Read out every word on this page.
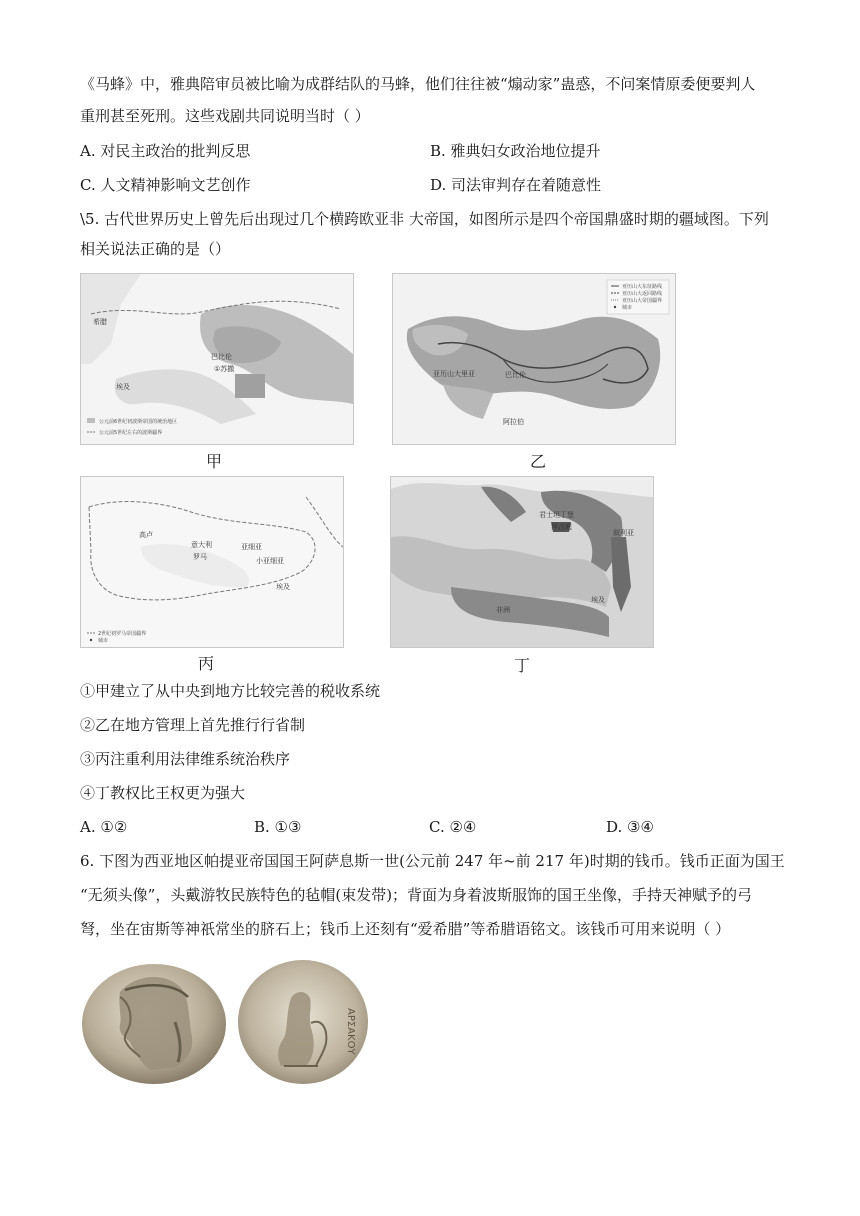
《马蜂》中，雅典陪审员被比喻为成群结队的马蜂，他们往往被“煽动家”蛊惑，不问案情原委便要判人
重刑甚至死刑。这些戏剧共同说明当时（ ）
A. 对民主政治的批判反思	B. 雅典妇女政治地位提升
C. 人文精神影响文艺创作	D. 司法审判存在着随意性
\5. 古代世界历史上曾先后出现过几个横跨欧亚非 大帝国，如图所示是四个帝国鼎盛时期的疆域图。下列
相关说法正确的是（）
巴比伦
①苏撒
埃及
希腊
公元前6世纪初波斯帝国的统治地区
公元前5世纪左右的波斯疆界
甲
亚历山大东征路线
亚历山大返回路线
亚历山大帝国疆界
城市
巴比伦
亚历山大里亚
阿拉伯
乙
高卢
意大利
罗马
亚细亚
小亚细亚
埃及
2世纪初罗马帝国疆界
城市
丙
君士坦丁堡
拜占庭
叙利亚
埃及
非洲
丁
①甲建立了从中央到地方比较完善的税收系统
②乙在地方管理上首先推行行省制
③丙注重利用法律维系统治秩序
④丁教权比王权更为强大
A. ①②	B. ①③	C. ②④	D. ③④
6. 下图为西亚地区帕提亚帝国国王阿萨息斯一世(公元前 247 年~前 217 年)时期的钱币。钱币正面为国王
“无须头像”，头戴游牧民族特色的毡帽(束发带)；背面为身着波斯服饰的国王坐像，手持天神赋予的弓
弩，坐在宙斯等神祇常坐的脐石上；钱币上还刻有“爱希腊”等希腊语铭文。该钱币可用来说明（ ）
ΑΡΣΑΚΟΥ
